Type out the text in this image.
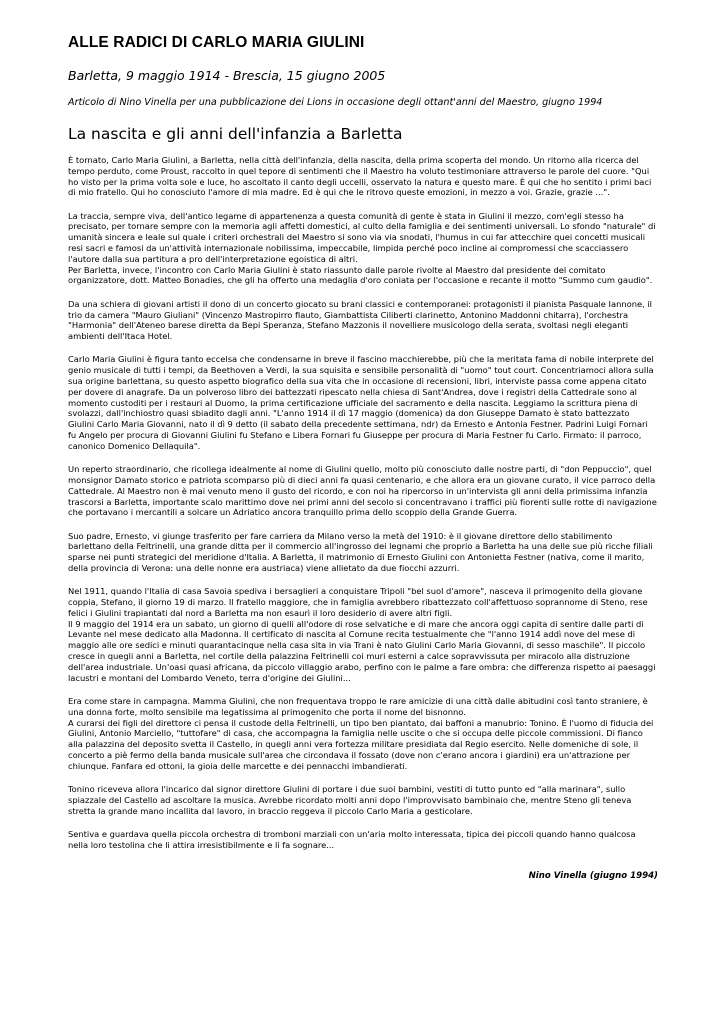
ALLE RADICI DI CARLO MARIA GIULINI
Barletta, 9 maggio 1914 - Brescia, 15 giugno 2005
Articolo di Nino Vinella per una pubblicazione dei Lions in occasione degli ottant'anni del Maestro, giugno 1994
La nascita e gli anni dell'infanzia a Barletta

È tornato, Carlo Maria Giulini, a Barletta, nella città dell'infanzia, della nascita, della prima scoperta del mondo. Un ritorno alla ricerca del tempo perduto, come Proust, raccolto in quel tepore di sentimenti che il Maestro ha voluto testimoniare attraverso le parole del cuore. "Qui ho visto per la prima volta sole e luce, ho ascoltato il canto degli uccelli, osservato la natura e questo mare. È qui che ho sentito i primi baci di mio fratello. Qui ho conosciuto l'amore di mia madre. Ed è qui che le ritrovo queste emozioni, in mezzo a voi. Grazie, grazie ...".

La traccia, sempre viva, dell'antico legame di appartenenza a questa comunità di gente è stata in Giulini il mezzo, com'egli stesso ha precisato, per tornare sempre con la memoria agli affetti domestici, al culto della famiglia e dei sentimenti universali. Lo sfondo "naturale" di umanità sincera e leale sul quale i criteri orchestrali del Maestro si sono via via snodati, l'humus in cui far attecchire quei concetti musicali resi sacri e famosi da un'attività internazionale nobilissima, impeccabile, limpida perché poco incline ai compromessi che scacciassero l'autore dalla sua partitura a pro dell'interpretazione egoistica di altri.
Per Barletta, invece, l'incontro con Carlo Maria Giulini è stato riassunto dalle parole rivolte al Maestro dal presidente del comitato organizzatore, dott. Matteo Bonadies, che gli ha offerto una medaglia d'oro coniata per l'occasione e recante il motto "Summo cum gaudio".

Da una schiera di giovani artisti il dono di un concerto giocato su brani classici e contemporanei: protagonisti il pianista Pasquale Iannone, il trio da camera "Mauro Giuliani" (Vincenzo Mastropirro flauto, Giambattista Ciliberti clarinetto, Antonino Maddonni chitarra), l'orchestra "Harmonia" dell'Ateneo barese diretta da Bepi Speranza, Stefano Mazzonis il novelliere musicologo della serata, svoltasi negli eleganti ambienti dell'Itaca Hotel.

Carlo Maria Giulini è figura tanto eccelsa che condensarne in breve il fascino macchierebbe, più che la meritata fama di nobile interprete del genio musicale di tutti i tempi, da Beethoven a Verdi, la sua squisita e sensibile personalità di "uomo" tout court. Concentriamoci allora sulla sua origine barlettana, su questo aspetto biografico della sua vita che in occasione di recensioni, libri, interviste passa come appena citato per dovere di anagrafe. Da un polveroso libro dei battezzati ripescato nella chiesa di Sant'Andrea, dove i registri della Cattedrale sono al momento custoditi per i restauri al Duomo, la prima certificazione ufficiale del sacramento e della nascita. Leggiamo la scrittura piena di svolazzi, dall'inchiostro quasi sbiadito dagli anni. "L'anno 1914 il dì 17 maggio (domenica) da don Giuseppe Damato è stato battezzato Giulini Carlo Maria Giovanni, nato il dì 9 detto (il sabato della precedente settimana, ndr) da Ernesto e Antonia Festner. Padrini Luigi Fornari fu Angelo per procura di Giovanni Giulini fu Stefano e Libera Fornari fu Giuseppe per procura di Maria Festner fu Carlo. Firmato: il parroco, canonico Domenico Dellaquila".

Un reperto straordinario, che ricollega idealmente al nome di Giulini quello, molto più conosciuto dalle nostre parti, di "don Peppuccio", quel monsignor Damato storico e patriota scomparso più di dieci anni fa quasi centenario, e che allora era un giovane curato, il vice parroco della Cattedrale. Al Maestro non è mai venuto meno il gusto del ricordo, e con noi ha ripercorso in un'intervista gli anni della primissima infanzia trascorsi a Barletta, importante scalo marittimo dove nei primi anni del secolo si concentravano i traffici più fiorenti sulle rotte di navigazione che portavano i mercantili a solcare un Adriatico ancora tranquillo prima dello scoppio della Grande Guerra.

Suo padre, Ernesto, vi giunge trasferito per fare carriera da Milano verso la metà del 1910: è il giovane direttore dello stabilimento barlettano della Feltrinelli, una grande ditta per il commercio all'ingrosso dei legnami che proprio a Barletta ha una delle sue più ricche filiali sparse nei punti strategici del meridione d'Italia. A Barletta, il matrimonio di Ernesto Giulini con Antonietta Festner (nativa, come il marito, della provincia di Verona: una delle nonne era austriaca) viene allietato da due fiocchi azzurri.

Nel 1911, quando l'Italia di casa Savoia spediva i bersaglieri a conquistare Tripoli "bel suol d'amore", nasceva il primogenito della giovane coppia, Stefano, il giorno 19 di marzo. Il fratello maggiore, che in famiglia avrebbero ribattezzato coll'affettuoso soprannome di Steno, rese felici i Giulini trapiantati dal nord a Barletta ma non esaurì il loro desiderio di avere altri figli.
Il 9 maggio del 1914 era un sabato, un giorno di quelli all'odore di rose selvatiche e di mare che ancora oggi capita di sentire dalle parti di Levante nel mese dedicato alla Madonna. Il certificato di nascita al Comune recita testualmente che "l'anno 1914 addì nove del mese di maggio alle ore sedici e minuti quarantacinque nella casa sita in via Trani è nato Giulini Carlo Maria Giovanni, di sesso maschile". Il piccolo cresce in quegli anni a Barletta, nel cortile della palazzina Feltrinelli coi muri esterni a calce sopravvissuta per miracolo alla distruzione dell'area industriale. Un'oasi quasi africana, da piccolo villaggio arabo, perfino con le palme a fare ombra: che differenza rispetto ai paesaggi lacustri e montani del Lombardo Veneto, terra d'origine dei Giulini...

Era come stare in campagna. Mamma Giulini, che non frequentava troppo le rare amicizie di una città dalle abitudini così tanto straniere, è una donna forte, molto sensibile ma legatissima al primogenito che porta il nome del bisnonno.
A curarsi dei figli del direttore ci pensa il custode della Feltrinelli, un tipo ben piantato, dai baffoni a manubrio: Tonino. È l'uomo di fiducia dei Giulini, Antonio Marciello, "tuttofare" di casa, che accompagna la famiglia nelle uscite o che si occupa delle piccole commissioni. Di fianco alla palazzina del deposito svetta il Castello, in quegli anni vera fortezza militare presidiata dal Regio esercito. Nelle domeniche di sole, il concerto a piè fermo della banda musicale sull'area che circondava il fossato (dove non c'erano ancora i giardini) era un'attrazione per chiunque. Fanfara ed ottoni, la gioia delle marcette e dei pennacchi imbandierati.

Tonino riceveva allora l'incarico dal signor direttore Giulini di portare i due suoi bambini, vestiti di tutto punto ed "alla marinara", sullo spiazzale del Castello ad ascoltare la musica. Avrebbe ricordato molti anni dopo l'improvvisato bambinaio che, mentre Steno gli teneva stretta la grande mano incallita dal lavoro, in braccio reggeva il piccolo Carlo Maria a gesticolare.

Sentiva e guardava quella piccola orchestra di tromboni marziali con un'aria molto interessata, tipica dei piccoli quando hanno qualcosa nella loro testolina che li attira irresistibilmente e li fa sognare...

Nino Vinella (giugno 1994)
